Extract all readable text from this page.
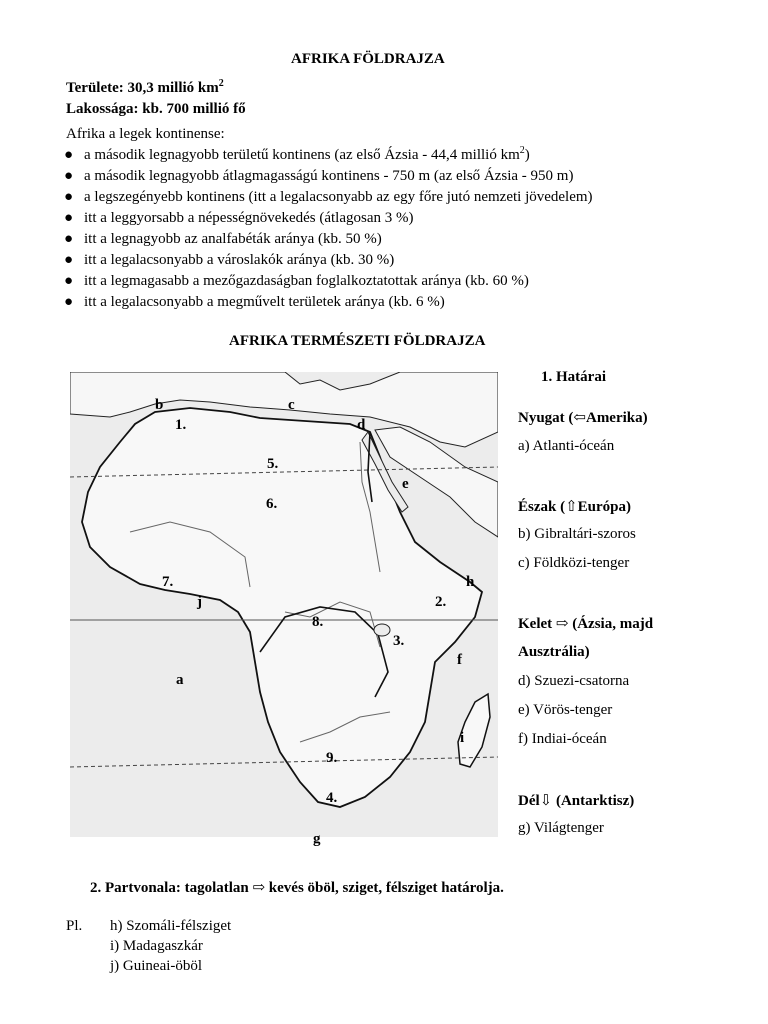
AFRIKA FÖLDRAJZA
Területe: 30,3 millió $km^2$
Lakossága: kb. 700 millió fő
Afrika a legek kontinense:
● a második legnagyobb területű kontinens (az első Ázsia - 44,4 millió $km^2$)
● a második legnagyobb átlagmagasságú kontinens - 750 m (az első Ázsia - 950 m)
● a legszegényebb kontinens (itt a legalacsonyabb az egy főre jutó nemzeti jövedelem)
● itt a leggyorsabb a népességnövekedés (átlagosan 3 %)
● itt a legnagyobb az analfabéták aránya (kb. 50 %)
● itt a legalacsonyabb a városlakók aránya (kb. 30 %)
● itt a legmagasabb a mezőgazdaságban foglalkoztatottak aránya (kb. 60 %)
● itt a legalacsonyabb a megművelt területek aránya (kb. 6 %)
AFRIKA TERMÉSZETI FÖLDRAJZA
b	c
1.	d
5.
e
6.
7.	h
j	2.
8.
3.
f
a
i
9.
4.
g
1. Határai
Nyugat (⇦Amerika)
a) Atlanti-óceán
Észak (⇧Európa)
b) Gibraltári-szoros
c) Földközi-tenger
Kelet ⇨ (Ázsia, majd
Ausztrália)
d) Szuezi-csatorna
e) Vörös-tenger
f) Indiai-óceán
Dél⇩ (Antarktisz)
g) Világtenger
2. Partvonala: tagolatlan ⇨ kevés öböl, sziget, félsziget határolja.
Pl. h) Szomáli-félsziget
i) Madagaszkár
j) Guineai-öböl
